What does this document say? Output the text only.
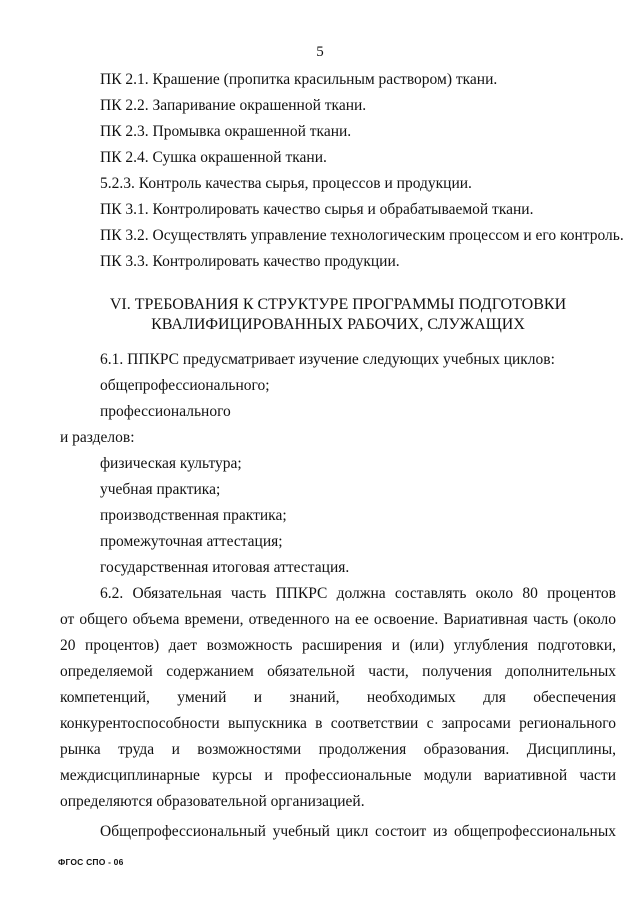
5
ПК 2.1. Крашение (пропитка красильным раствором) ткани.
ПК 2.2. Запаривание окрашенной ткани.
ПК 2.3. Промывка окрашенной ткани.
ПК 2.4. Сушка окрашенной ткани.
5.2.3. Контроль качества сырья, процессов и продукции.
ПК 3.1. Контролировать качество сырья и обрабатываемой ткани.
ПК 3.2. Осуществлять управление технологическим процессом и его контроль.
ПК 3.3. Контролировать качество продукции.
VI. ТРЕБОВАНИЯ К СТРУКТУРЕ ПРОГРАММЫ ПОДГОТОВКИ
КВАЛИФИЦИРОВАННЫХ РАБОЧИХ, СЛУЖАЩИХ
6.1. ППКРС предусматривает изучение следующих учебных циклов:
общепрофессионального;
профессионального
и разделов:
физическая культура;
учебная практика;
производственная практика;
промежуточная аттестация;
государственная итоговая аттестация.
6.2. Обязательная часть ППКРС должна составлять около 80 процентов
от общего объема времени, отведенного на ее освоение. Вариативная часть (около
20 процентов) дает возможность расширения и (или) углубления подготовки,
определяемой содержанием обязательной части, получения дополнительных
компетенций, умений и знаний, необходимых для обеспечения
конкурентоспособности выпускника в соответствии с запросами регионального
рынка труда и возможностями продолжения образования. Дисциплины,
междисциплинарные курсы и профессиональные модули вариативной части
определяются образовательной организацией.
Общепрофессиональный учебный цикл состоит из общепрофессиональных
ФГОС СПО - 06
